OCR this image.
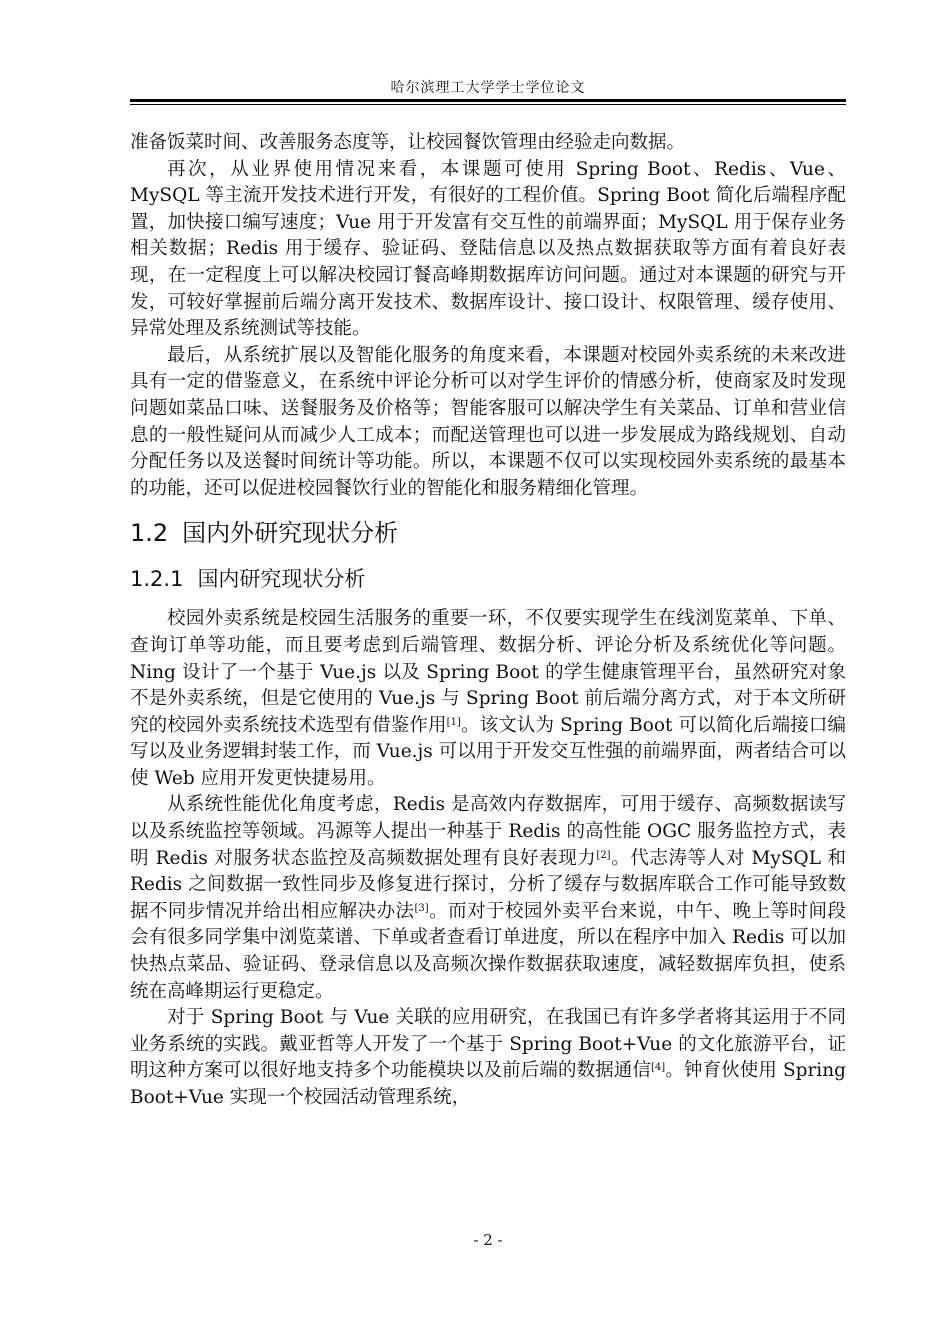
哈尔滨理工大学学士学位论文

准备饭菜时间、改善服务态度等，让校园餐饮管理由经验走向数据。

再次，从业界使用情况来看，本课题可使用 Spring Boot、Redis、Vue、MySQL 等主流开发技术进行开发，有很好的工程价值。Spring Boot 简化后端程序配置，加快接口编写速度；Vue 用于开发富有交互性的前端界面；MySQL 用于保存业务相关数据；Redis 用于缓存、验证码、登陆信息以及热点数据获取等方面有着良好表现，在一定程度上可以解决校园订餐高峰期数据库访问问题。通过对本课题的研究与开发，可较好掌握前后端分离开发技术、数据库设计、接口设计、权限管理、缓存使用、异常处理及系统测试等技能。

最后，从系统扩展以及智能化服务的角度来看，本课题对校园外卖系统的未来改进具有一定的借鉴意义，在系统中评论分析可以对学生评价的情感分析，使商家及时发现问题如菜品口味、送餐服务及价格等；智能客服可以解决学生有关菜品、订单和营业信息的一般性疑问从而减少人工成本；而配送管理也可以进一步发展成为路线规划、自动分配任务以及送餐时间统计等功能。所以，本课题不仅可以实现校园外卖系统的最基本的功能，还可以促进校园餐饮行业的智能化和服务精细化管理。

1.2 国内外研究现状分析
1.2.1 国内研究现状分析

校园外卖系统是校园生活服务的重要一环，不仅要实现学生在线浏览菜单、下单、查询订单等功能，而且要考虑到后端管理、数据分析、评论分析及系统优化等问题。Ning 设计了一个基于 Vue.js 以及 Spring Boot 的学生健康管理平台，虽然研究对象不是外卖系统，但是它使用的 Vue.js 与 Spring Boot 前后端分离方式，对于本文所研究的校园外卖系统技术选型有借鉴作用[1]。该文认为 Spring Boot 可以简化后端接口编写以及业务逻辑封装工作，而 Vue.js 可以用于开发交互性强的前端界面，两者结合可以使 Web 应用开发更快捷易用。

从系统性能优化角度考虑，Redis 是高效内存数据库，可用于缓存、高频数据读写以及系统监控等领域。冯源等人提出一种基于 Redis 的高性能 OGC 服务监控方式，表明 Redis 对服务状态监控及高频数据处理有良好表现力[2]。代志涛等人对 MySQL 和 Redis 之间数据一致性同步及修复进行探讨，分析了缓存与数据库联合工作可能导致数据不同步情况并给出相应解决办法[3]。而对于校园外卖平台来说，中午、晚上等时间段会有很多同学集中浏览菜谱、下单或者查看订单进度，所以在程序中加入 Redis 可以加快热点菜品、验证码、登录信息以及高频次操作数据获取速度，减轻数据库负担，使系统在高峰期运行更稳定。

对于 Spring Boot 与 Vue 关联的应用研究，在我国已有许多学者将其运用于不同业务系统的实践。戴亚哲等人开发了一个基于 Spring Boot+Vue 的文化旅游平台，证明这种方案可以很好地支持多个功能模块以及前后端的数据通信[4]。钟育伙使用 Spring Boot+Vue 实现一个校园活动管理系统，

- 2 -
